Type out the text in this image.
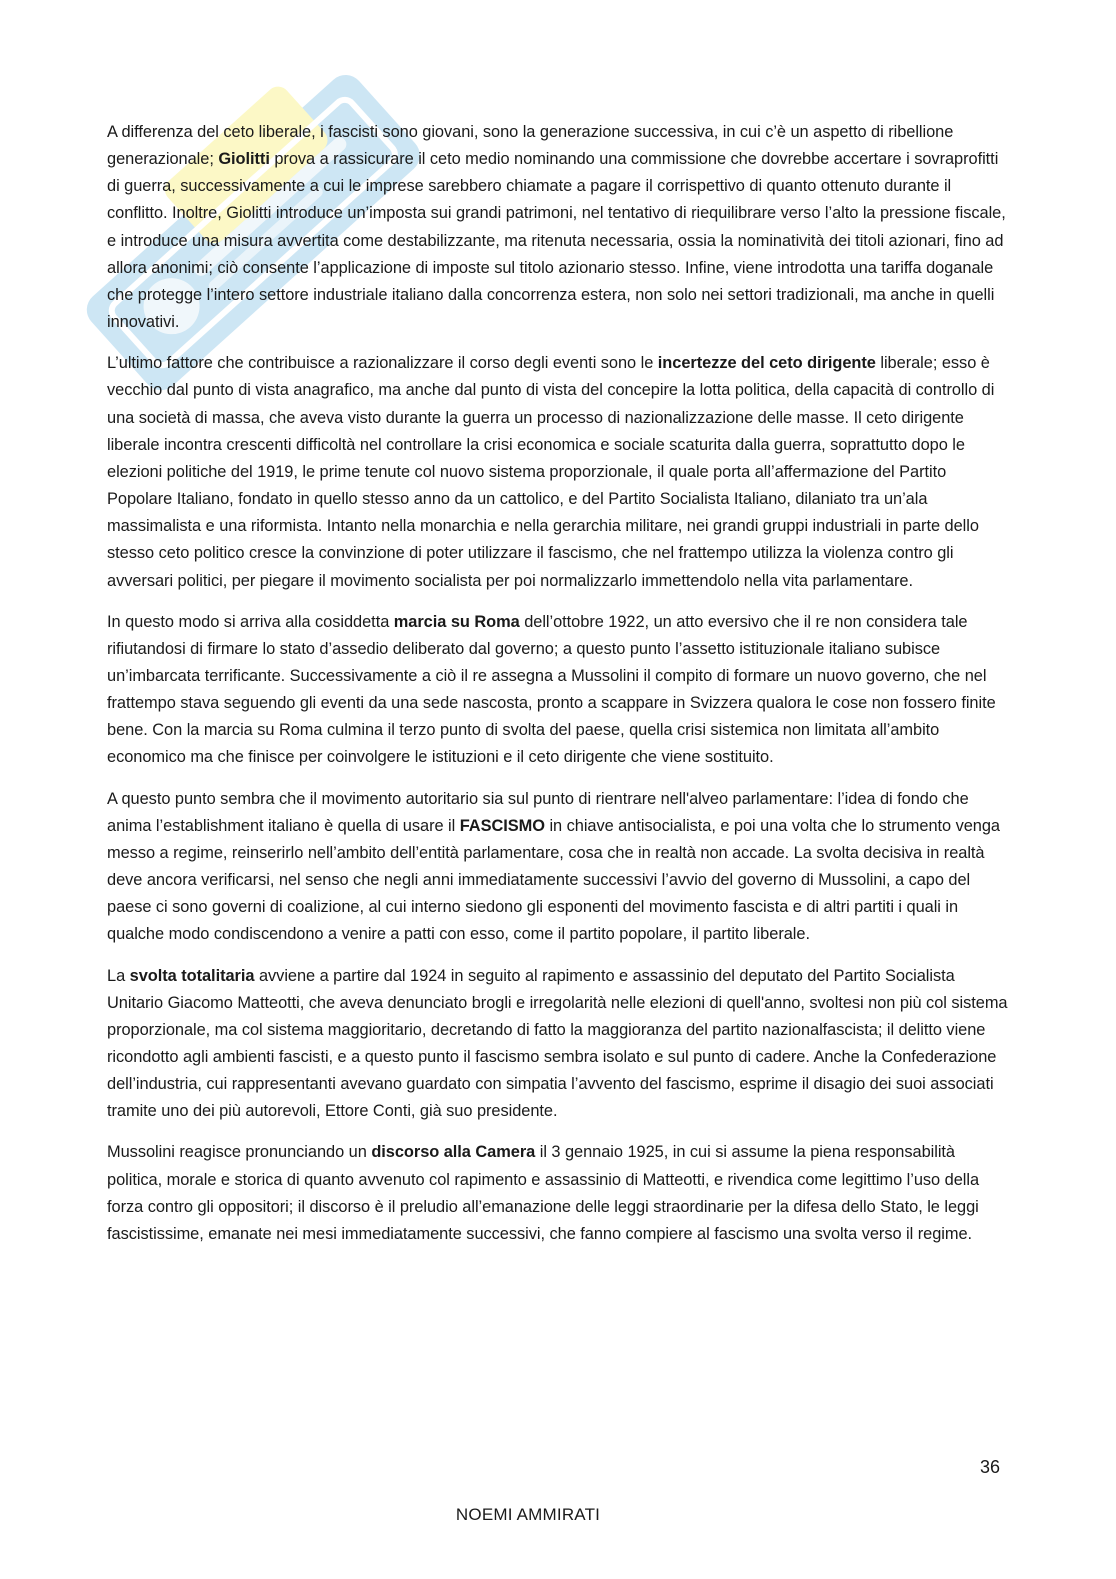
A differenza del ceto liberale, i fascisti sono giovani, sono la generazione successiva, in cui c’è un aspetto di ribellione generazionale; Giolitti prova a rassicurare il ceto medio nominando una commissione che dovrebbe accertare i sovraprofitti di guerra, successivamente a cui le imprese sarebbero chiamate a pagare il corrispettivo di quanto ottenuto durante il conflitto. Inoltre, Giolitti introduce un’imposta sui grandi patrimoni, nel tentativo di riequilibrare verso l’alto la pressione fiscale, e introduce una misura avvertita come destabilizzante, ma ritenuta necessaria, ossia la nominatività dei titoli azionari, fino ad allora anonimi; ciò consente l’applicazione di imposte sul titolo azionario stesso. Infine, viene introdotta una tariffa doganale che protegge l’intero settore industriale italiano dalla concorrenza estera, non solo nei settori tradizionali, ma anche in quelli innovativi.

L’ultimo fattore che contribuisce a razionalizzare il corso degli eventi sono le incertezze del ceto dirigente liberale; esso è vecchio dal punto di vista anagrafico, ma anche dal punto di vista del concepire la lotta politica, della capacità di controllo di una società di massa, che aveva visto durante la guerra un processo di nazionalizzazione delle masse. Il ceto dirigente liberale incontra crescenti difficoltà nel controllare la crisi economica e sociale scaturita dalla guerra, soprattutto dopo le elezioni politiche del 1919, le prime tenute col nuovo sistema proporzionale, il quale porta all’affermazione del Partito Popolare Italiano, fondato in quello stesso anno da un cattolico, e del Partito Socialista Italiano, dilaniato tra un’ala massimalista e una riformista. Intanto nella monarchia e nella gerarchia militare, nei grandi gruppi industriali in parte dello stesso ceto politico cresce la convinzione di poter utilizzare il fascismo, che nel frattempo utilizza la violenza contro gli avversari politici, per piegare il movimento socialista per poi normalizzarlo immettendolo nella vita parlamentare.

In questo modo si arriva alla cosiddetta marcia su Roma dell’ottobre 1922, un atto eversivo che il re non considera tale rifiutandosi di firmare lo stato d’assedio deliberato dal governo; a questo punto l’assetto istituzionale italiano subisce un’imbarcata terrificante. Successivamente a ciò il re assegna a Mussolini il compito di formare un nuovo governo, che nel frattempo stava seguendo gli eventi da una sede nascosta, pronto a scappare in Svizzera qualora le cose non fossero finite bene. Con la marcia su Roma culmina il terzo punto di svolta del paese, quella crisi sistemica non limitata all’ambito economico ma che finisce per coinvolgere le istituzioni e il ceto dirigente che viene sostituito.

A questo punto sembra che il movimento autoritario sia sul punto di rientrare nell'alveo parlamentare: l’idea di fondo che anima l’establishment italiano è quella di usare il FASCISMO in chiave antisocialista, e poi una volta che lo strumento venga messo a regime, reinserirlo nell’ambito dell’entità parlamentare, cosa che in realtà non accade. La svolta decisiva in realtà deve ancora verificarsi, nel senso che negli anni immediatamente successivi l’avvio del governo di Mussolini, a capo del paese ci sono governi di coalizione, al cui interno siedono gli esponenti del movimento fascista e di altri partiti i quali in qualche modo condiscendono a venire a patti con esso, come il partito popolare, il partito liberale.

La svolta totalitaria avviene a partire dal 1924 in seguito al rapimento e assassinio del deputato del Partito Socialista Unitario Giacomo Matteotti, che aveva denunciato brogli e irregolarità nelle elezioni di quell'anno, svoltesi non più col sistema proporzionale, ma col sistema maggioritario, decretando di fatto la maggioranza del partito nazionalfascista; il delitto viene ricondotto agli ambienti fascisti, e a questo punto il fascismo sembra isolato e sul punto di cadere. Anche la Confederazione dell’industria, cui rappresentanti avevano guardato con simpatia l’avvento del fascismo, esprime il disagio dei suoi associati tramite uno dei più autorevoli, Ettore Conti, già suo presidente.

Mussolini reagisce pronunciando un discorso alla Camera il 3 gennaio 1925, in cui si assume la piena responsabilità politica, morale e storica di quanto avvenuto col rapimento e assassinio di Matteotti, e rivendica come legittimo l’uso della forza contro gli oppositori; il discorso è il preludio all’emanazione delle leggi straordinarie per la difesa dello Stato, le leggi fascistissime, emanate nei mesi immediatamente successivi, che fanno compiere al fascismo una svolta verso il regime.

36
NOEMI AMMIRATI
